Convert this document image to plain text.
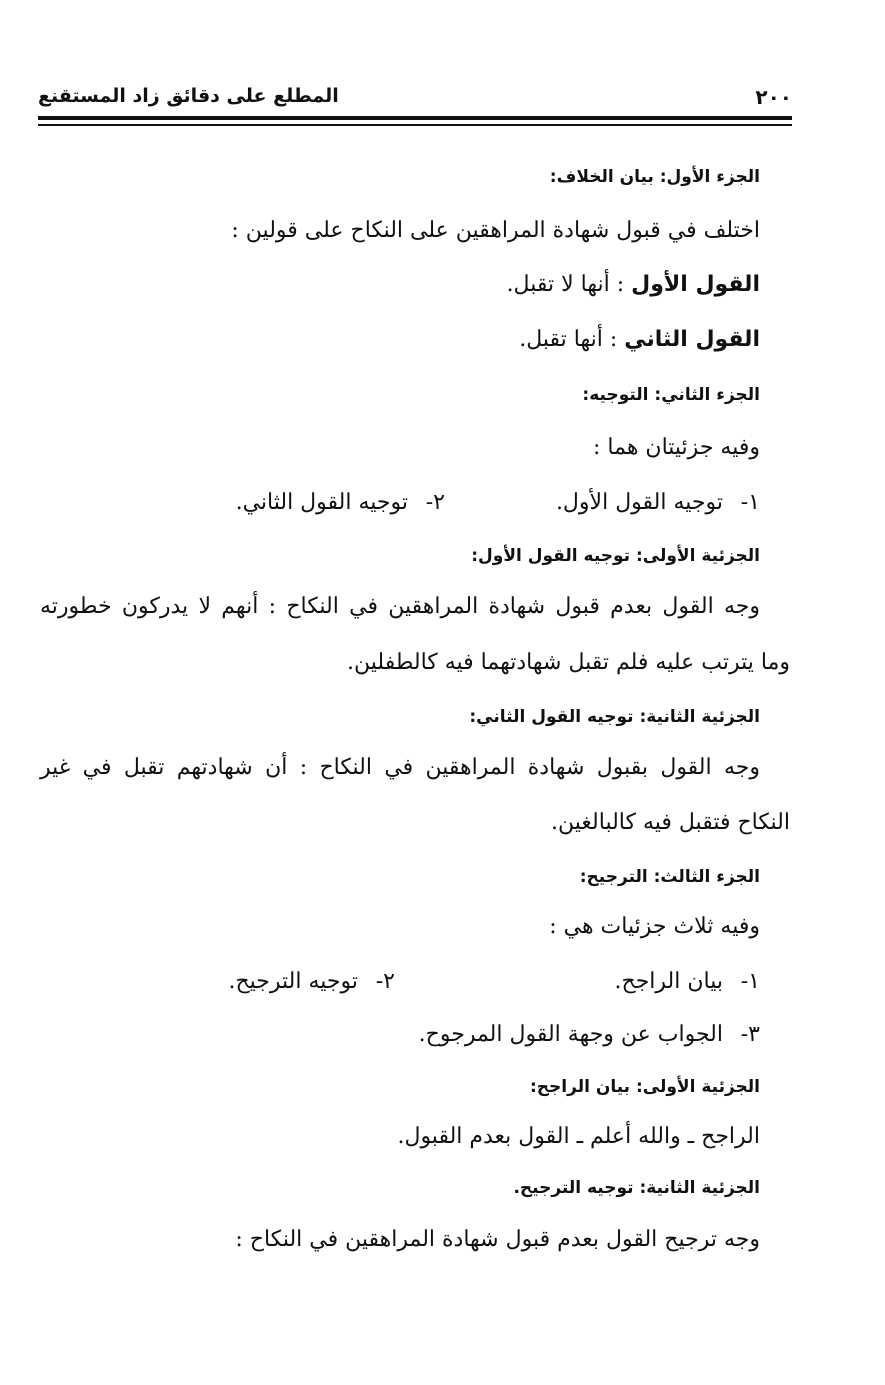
المطلع على دقائق زاد المستقنع	٢٠٠
الجزء الأول: بيان الخلاف:
اختلف في قبول شهادة المراهقين على النكاح على قولين :
القول الأول : أنها لا تقبل.
القول الثاني : أنها تقبل.
الجزء الثاني: التوجيه:
وفيه جزئيتان هما :
١- توجيه القول الأول.
٢- توجيه القول الثاني.
الجزئية الأولى: توجيه القول الأول:
وجه القول بعدم قبول شهادة المراهقين في النكاح : أنهم لا يدركون خطورته
وما يترتب عليه فلم تقبل شهادتهما فيه كالطفلين.
الجزئية الثانية: توجيه القول الثاني:
وجه القول بقبول شهادة المراهقين في النكاح : أن شهادتهم تقبل في غير
النكاح فتقبل فيه كالبالغين.
الجزء الثالث: الترجيح:
وفيه ثلاث جزئيات هي :
١- بيان الراجح.
٢- توجيه الترجيح.
٣- الجواب عن وجهة القول المرجوح.
الجزئية الأولى: بيان الراجح:
الراجح ـ والله أعلم ـ القول بعدم القبول.
الجزئية الثانية: توجيه الترجيح.
وجه ترجيح القول بعدم قبول شهادة المراهقين في النكاح :
